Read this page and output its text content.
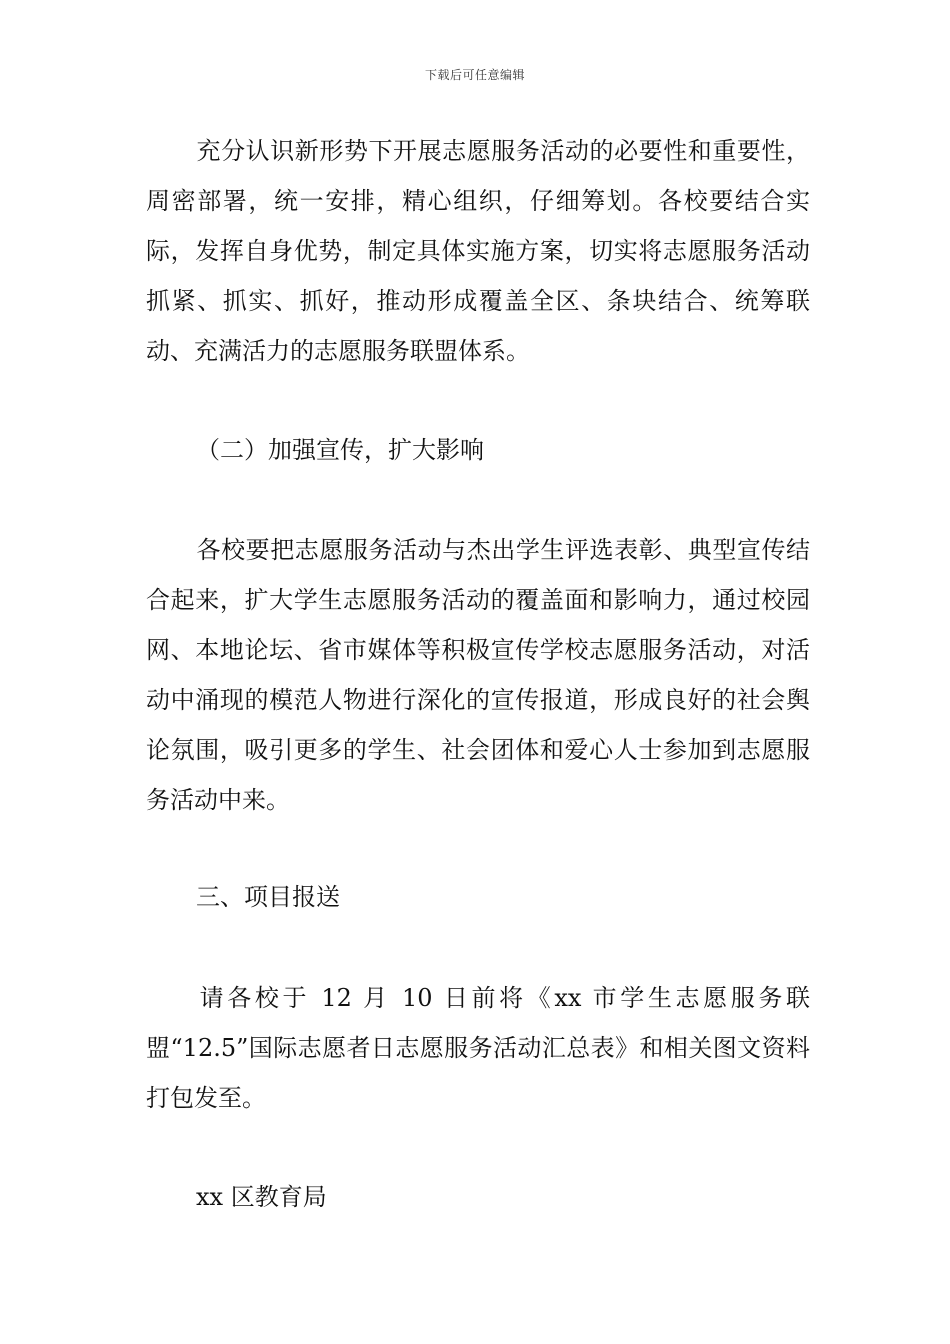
下载后可任意编辑

充分认识新形势下开展志愿服务活动的必要性和重要性，周密部署，统一安排，精心组织，仔细筹划。各校要结合实际，发挥自身优势，制定具体实施方案，切实将志愿服务活动抓紧、抓实、抓好，推动形成覆盖全区、条块结合、统筹联动、充满活力的志愿服务联盟体系。

（二）加强宣传，扩大影响

各校要把志愿服务活动与杰出学生评选表彰、典型宣传结合起来，扩大学生志愿服务活动的覆盖面和影响力，通过校园网、本地论坛、省市媒体等积极宣传学校志愿服务活动，对活动中涌现的模范人物进行深化的宣传报道，形成良好的社会舆论氛围，吸引更多的学生、社会团体和爱心人士参加到志愿服务活动中来。

三、项目报送

请各校于 12 月 10 日前将《xx 市学生志愿服务联盟“12.5”国际志愿者日志愿服务活动汇总表》和相关图文资料打包发至。

xx 区教育局
